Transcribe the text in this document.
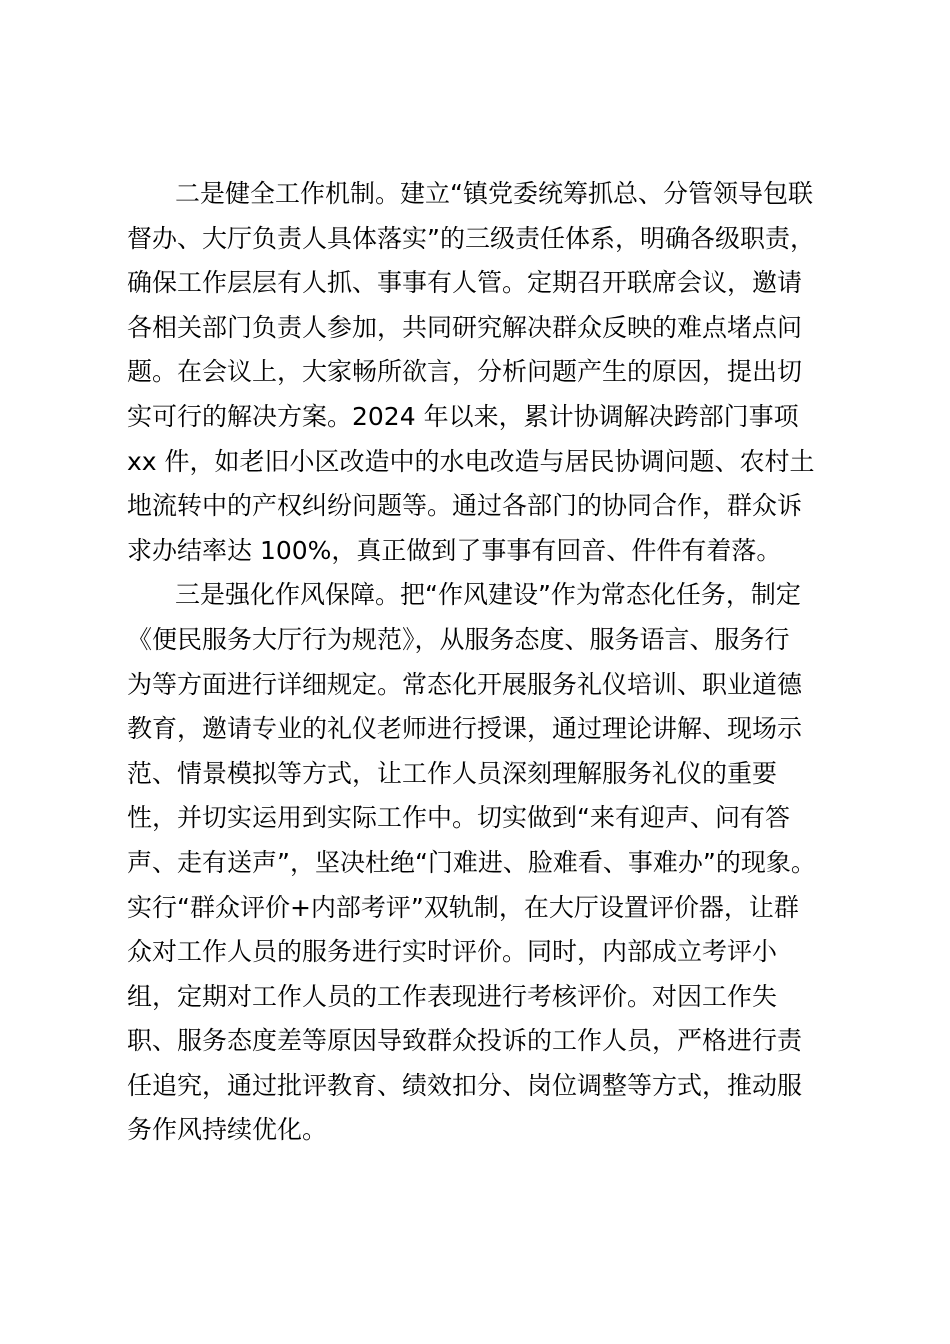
二是健全工作机制。建立“镇党委统筹抓总、分管领导包联
督办、大厅负责人具体落实”的三级责任体系，明确各级职责，
确保工作层层有人抓、事事有人管。定期召开联席会议，邀请
各相关部门负责人参加，共同研究解决群众反映的难点堵点问
题。在会议上，大家畅所欲言，分析问题产生的原因，提出切
实可行的解决方案。2024 年以来，累计协调解决跨部门事项
xx 件，如老旧小区改造中的水电改造与居民协调问题、农村土
地流转中的产权纠纷问题等。通过各部门的协同合作，群众诉
求办结率达 100%，真正做到了事事有回音、件件有着落。
三是强化作风保障。把“作风建设”作为常态化任务，制定
《便民服务大厅行为规范》，从服务态度、服务语言、服务行
为等方面进行详细规定。常态化开展服务礼仪培训、职业道德
教育，邀请专业的礼仪老师进行授课，通过理论讲解、现场示
范、情景模拟等方式，让工作人员深刻理解服务礼仪的重要
性，并切实运用到实际工作中。切实做到“来有迎声、问有答
声、走有送声”，坚决杜绝“门难进、脸难看、事难办”的现象。
实行“群众评价+内部考评”双轨制，在大厅设置评价器，让群
众对工作人员的服务进行实时评价。同时，内部成立考评小
组，定期对工作人员的工作表现进行考核评价。对因工作失
职、服务态度差等原因导致群众投诉的工作人员，严格进行责
任追究，通过批评教育、绩效扣分、岗位调整等方式，推动服
务作风持续优化。
